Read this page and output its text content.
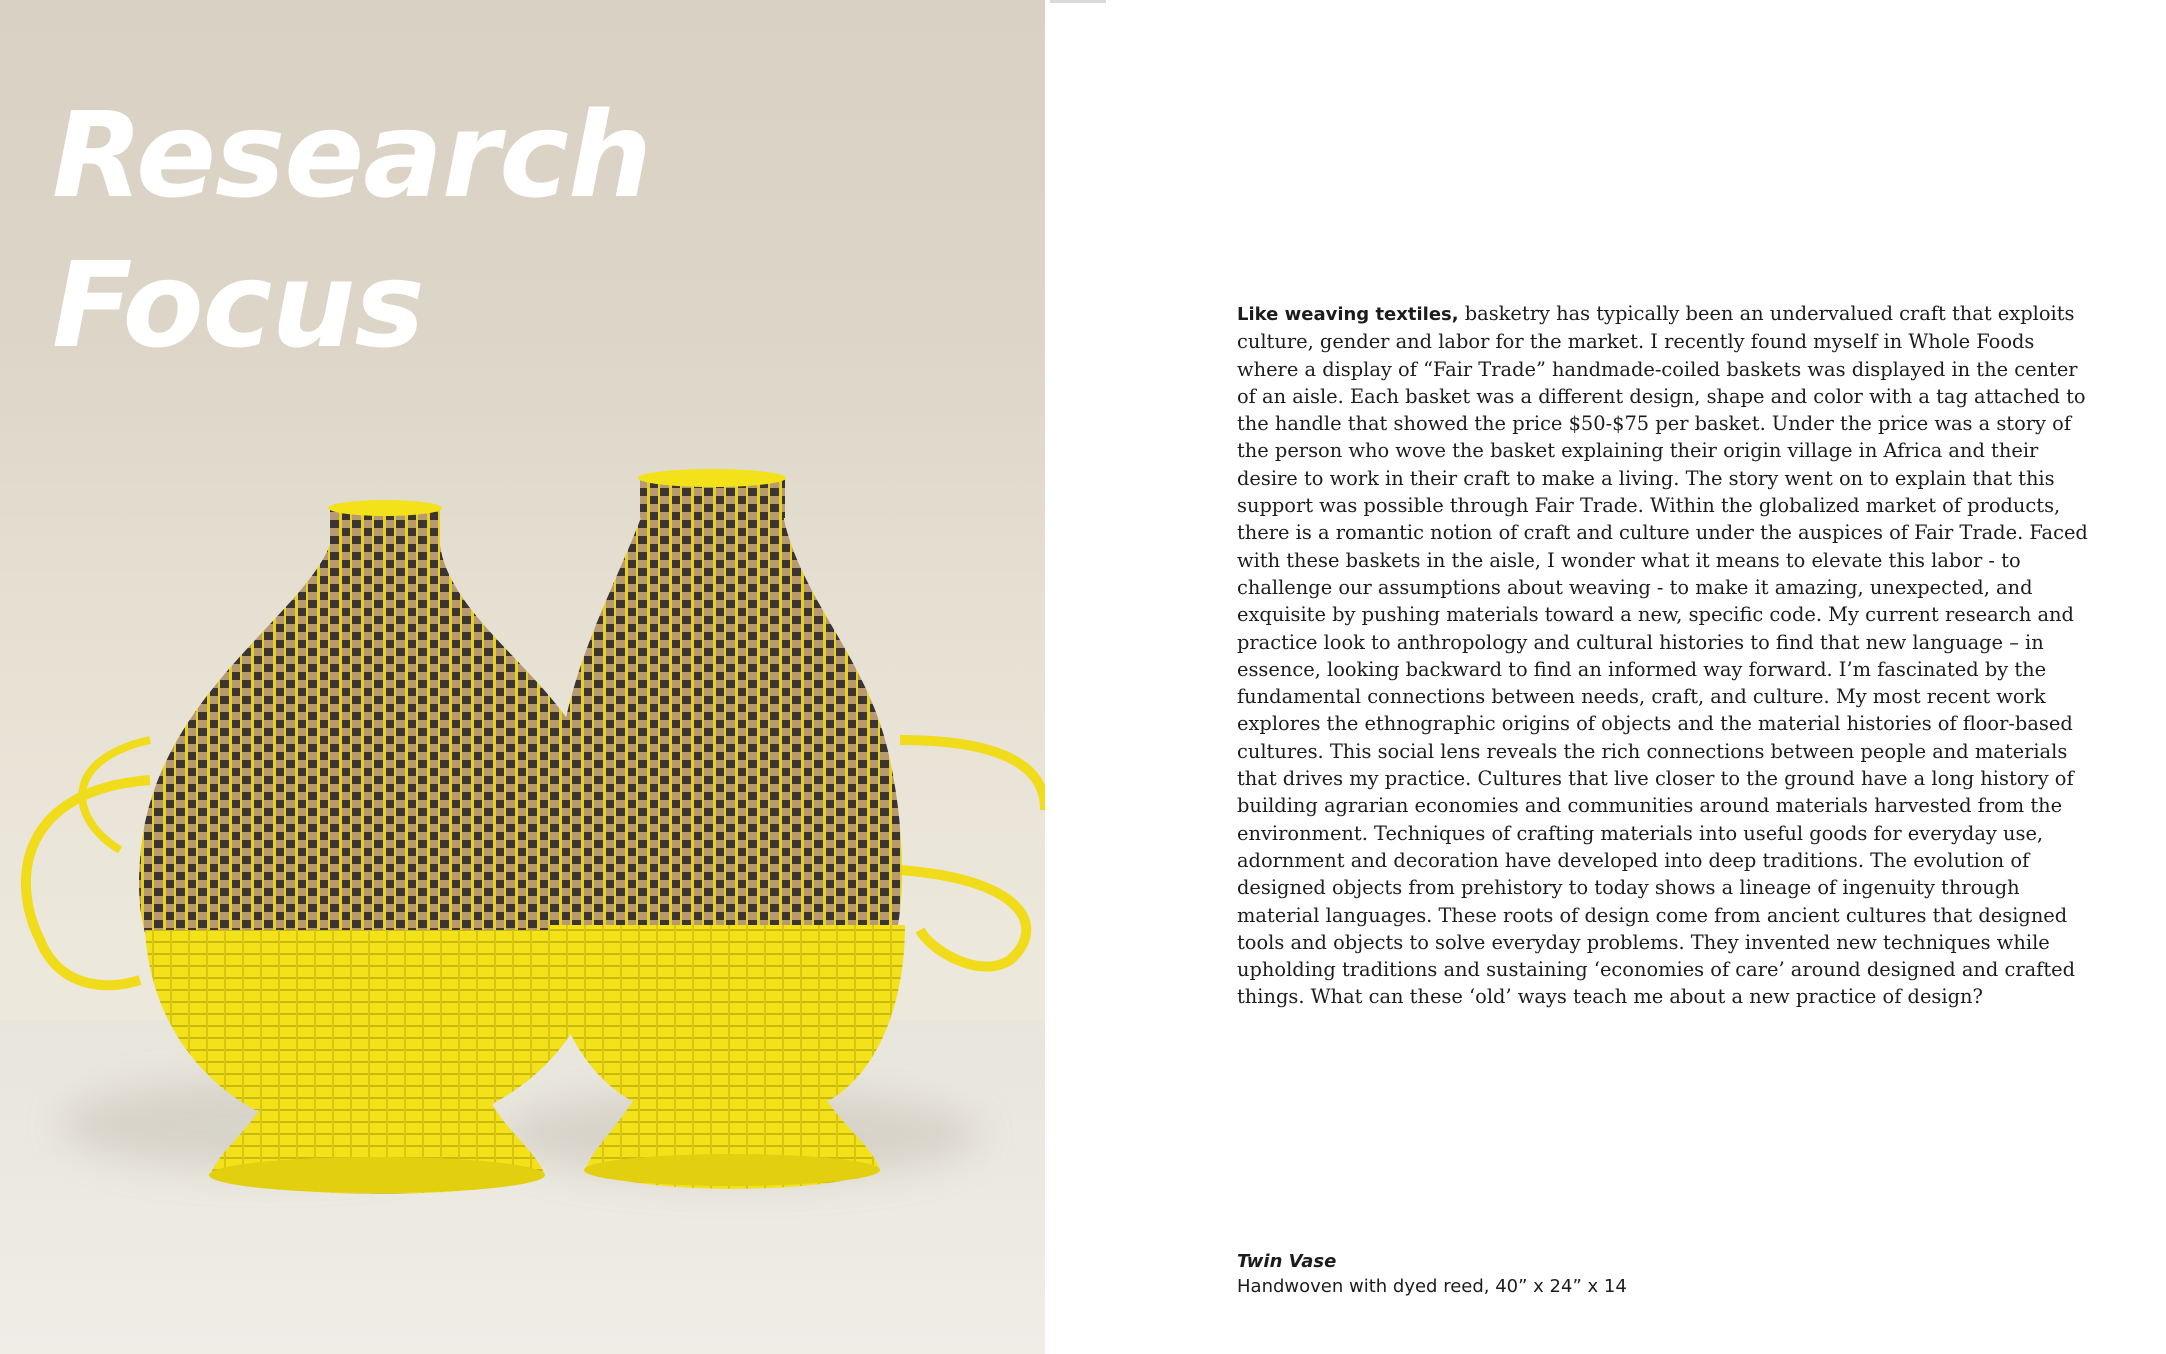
Research
Focus	Like weaving textiles, basketry has typically been an undervalued craft that exploits culture, gender and labor for the market. I recently found myself in Whole Foods where a display of “Fair Trade” handmade-coiled baskets was displayed in the center of an aisle. Each basket was a different design, shape and color with a tag attached to the handle that showed the price $50-$75 per basket. Under the price was a story of the person who wove the basket explaining their origin village in Africa and their desire to work in their craft to make a living. The story went on to explain that this support was possible through Fair Trade. Within the globalized market of products, there is a romantic notion of craft and culture under the auspices of Fair Trade. Faced with these baskets in the aisle, I wonder what it means to elevate this labor - to challenge our assumptions about weaving - to make it amazing, unexpected, and exquisite by pushing materials toward a new, specific code. My current research and practice look to anthropology and cultural histories to find that new language – in essence, looking backward to find an informed way forward. I’m fascinated by the fundamental connections between needs, craft, and culture. My most recent work explores the ethnographic origins of objects and the material histories of floor-based cultures. This social lens reveals the rich connections between people and materials that drives my practice. Cultures that live closer to the ground have a long history of building agrarian economies and communities around materials harvested from the environment. Techniques of crafting materials into useful goods for everyday use, adornment and decoration have developed into deep traditions. The evolution of designed objects from prehistory to today shows a lineage of ingenuity through material languages. These roots of design come from ancient cultures that designed tools and objects to solve everyday problems. They invented new techniques while upholding traditions and sustaining ‘economies of care’ around designed and crafted things. What can these ‘old’ ways teach me about a new practice of design?

Twin Vase
Handwoven with dyed reed, 40” x 24” x 14
